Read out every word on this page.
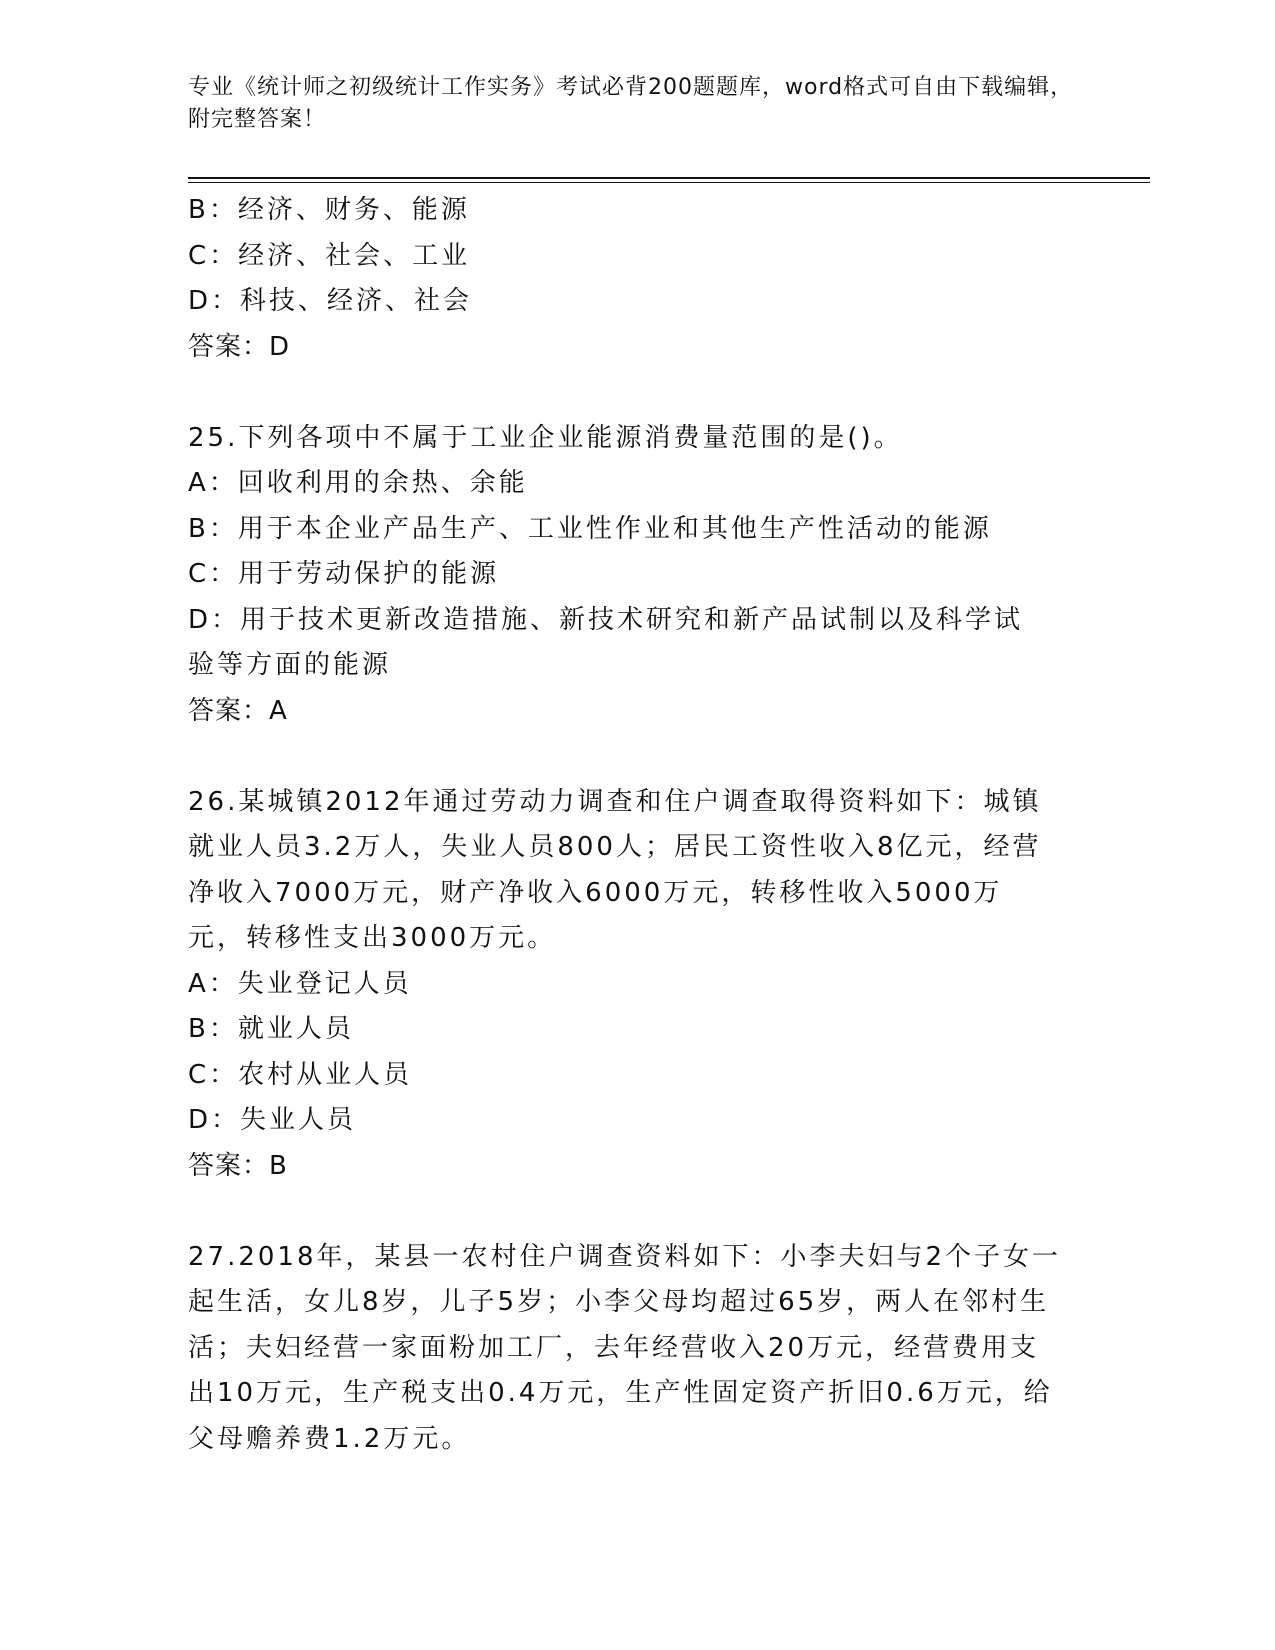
专业《统计师之初级统计工作实务》考试必背200题题库，word格式可自由下载编辑，附完整答案！
B：经济、财务、能源
C：经济、社会、工业
D：科技、经济、社会
答案：D
25.下列各项中不属于工业企业能源消费量范围的是()。
A：回收利用的余热、余能
B：用于本企业产品生产、工业性作业和其他生产性活动的能源
C：用于劳动保护的能源
D：用于技术更新改造措施、新技术研究和新产品试制以及科学试验等方面的能源
答案：A
26.某城镇2012年通过劳动力调查和住户调查取得资料如下：城镇就业人员3.2万人，失业人员800人；居民工资性收入8亿元，经营净收入7000万元，财产净收入6000万元，转移性收入5000万元，转移性支出3000万元。
A：失业登记人员
B：就业人员
C：农村从业人员
D：失业人员
答案：B
27.2018年，某县一农村住户调查资料如下：小李夫妇与2个子女一起生活，女儿8岁，儿子5岁；小李父母均超过65岁，两人在邻村生活；夫妇经营一家面粉加工厂，去年经营收入20万元，经营费用支出10万元，生产税支出0.4万元，生产性固定资产折旧0.6万元，给父母赡养费1.2万元。
